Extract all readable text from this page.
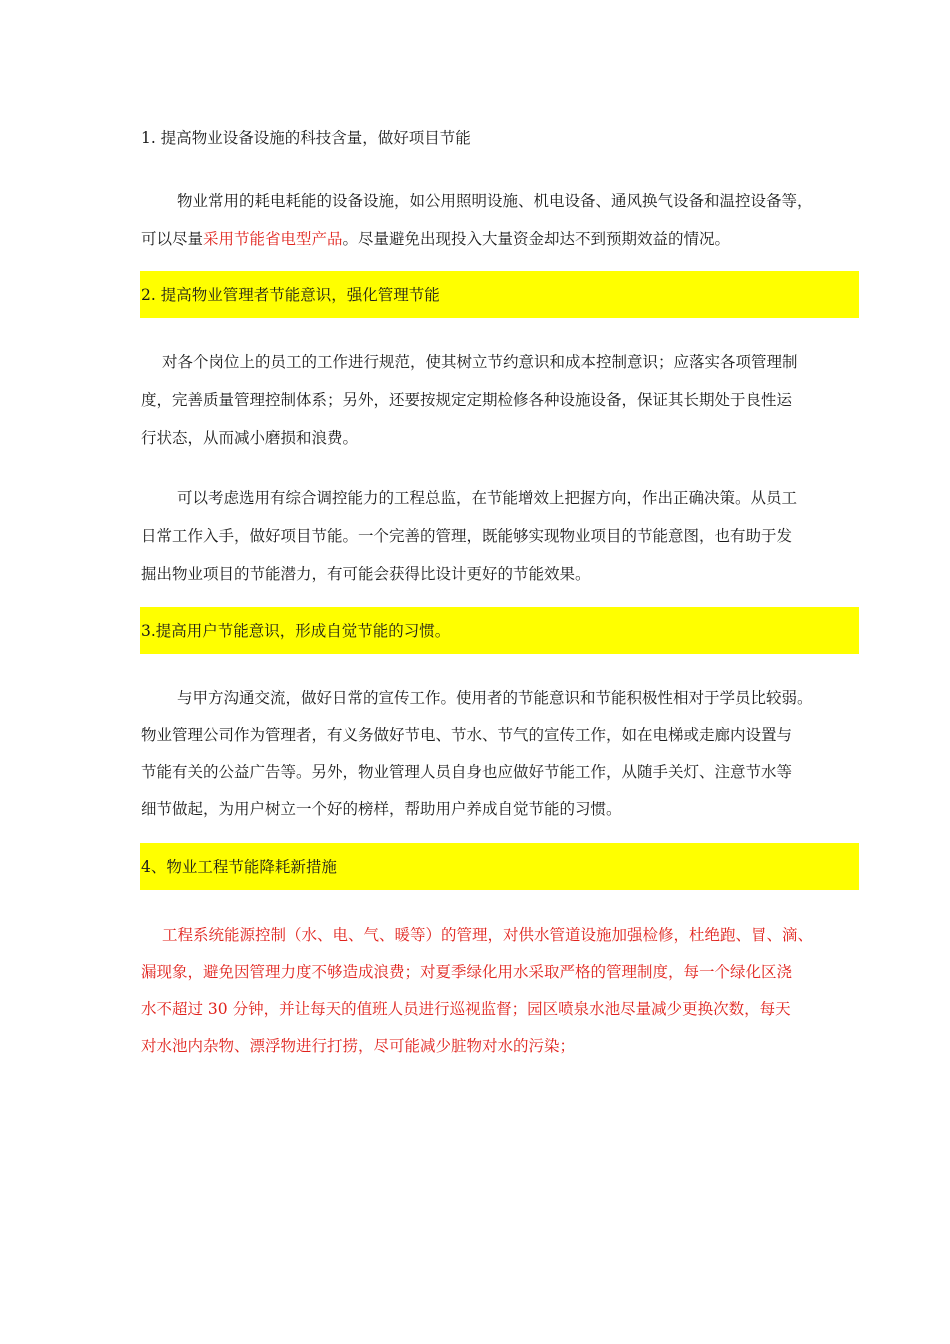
1. 提高物业设备设施的科技含量，做好项目节能
物业常用的耗电耗能的设备设施，如公用照明设施、机电设备、通风换气设备和温控设备等，
可以尽量采用节能省电型产品。尽量避免出现投入大量资金却达不到预期效益的情况。
2. 提高物业管理者节能意识，强化管理节能
对各个岗位上的员工的工作进行规范，使其树立节约意识和成本控制意识；应落实各项管理制
度，完善质量管理控制体系；另外，还要按规定定期检修各种设施设备，保证其长期处于良性运
行状态，从而减小磨损和浪费。
可以考虑选用有综合调控能力的工程总监，在节能增效上把握方向，作出正确决策。从员工
日常工作入手，做好项目节能。一个完善的管理，既能够实现物业项目的节能意图，也有助于发
掘出物业项目的节能潜力，有可能会获得比设计更好的节能效果。
3.提高用户节能意识，形成自觉节能的习惯。
与甲方沟通交流，做好日常的宣传工作。使用者的节能意识和节能积极性相对于学员比较弱。
物业管理公司作为管理者，有义务做好节电、节水、节气的宣传工作，如在电梯或走廊内设置与
节能有关的公益广告等。另外，物业管理人员自身也应做好节能工作，从随手关灯、注意节水等
细节做起，为用户树立一个好的榜样，帮助用户养成自觉节能的习惯。
4、物业工程节能降耗新措施
工程系统能源控制（水、电、气、暖等）的管理，对供水管道设施加强检修，杜绝跑、冒、滴、
漏现象，避免因管理力度不够造成浪费；对夏季绿化用水采取严格的管理制度，每一个绿化区浇
水不超过 30 分钟，并让每天的值班人员进行巡视监督；园区喷泉水池尽量减少更换次数，每天
对水池内杂物、漂浮物进行打捞，尽可能减少脏物对水的污染；
